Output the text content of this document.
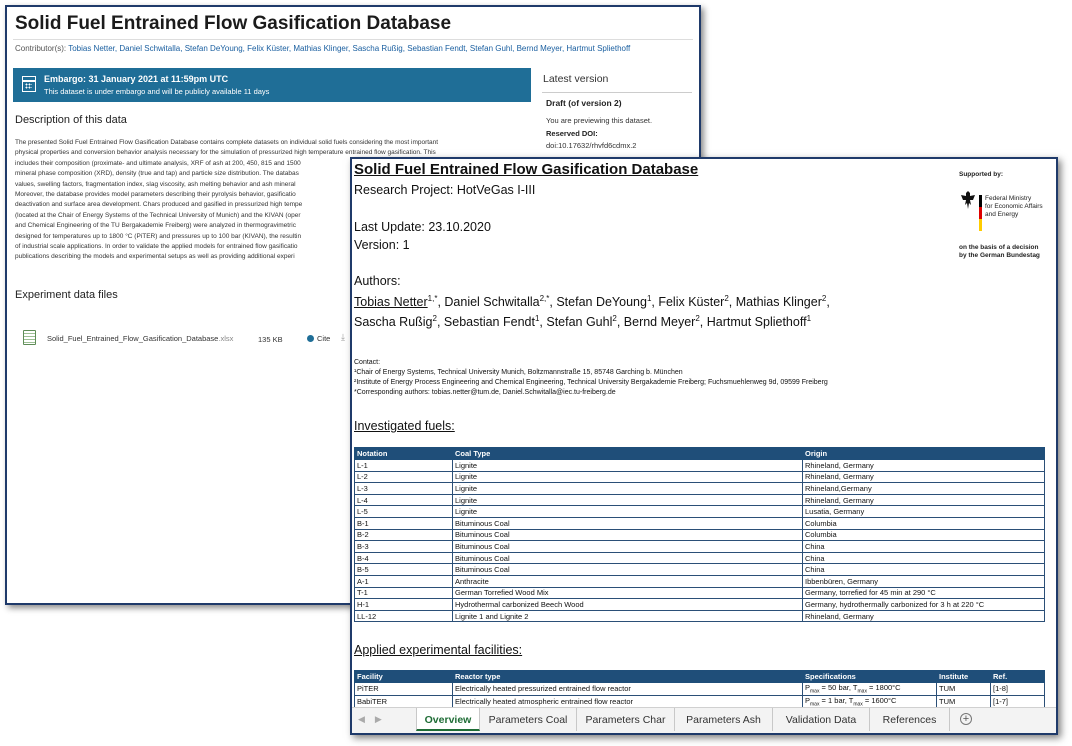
Solid Fuel Entrained Flow Gasification Database
Contributor(s): Tobias Netter, Daniel Schwitalla, Stefan DeYoung, Felix Küster, Mathias Klinger, Sascha Rußig, Sebastian Fendt, Stefan Guhl, Bernd Meyer, Hartmut Spliethoff
Embargo: 31 January 2021 at 11:59pm UTC
This dataset is under embargo and will be publicly available 11 days
Latest version
Draft (of version 2)
You are previewing this dataset.
Reserved DOI:
doi:10.17632/rhvfd6cdmx.2
Description of this data
The presented Solid Fuel Entrained Flow Gasification Database contains complete datasets on individual solid fuels considering the most important
physical properties and conversion behavior analysis necessary for the simulation of pressurized high temperature entrained flow gasification. This
includes their composition (proximate- and ultimate analysis, XRF of ash at 200, 450, 815 and 1500
mineral phase composition (XRD), density (true and tap) and particle size distribution. The databas
values, swelling factors, fragmentation index, slag viscosity, ash melting behavior and ash mineral
Moreover, the database provides model parameters describing their pyrolysis behavior, gasificatio
deactivation and surface area development. Chars produced and gasified in pressurized high tempe
(located at the Chair of Energy Systems of the Technical University of Munich) and the KIVAN (oper
and Chemical Engineering of the TU Bergakademie Freiberg) were analyzed in thermogravimetric
designed for temperatures up to 1800 °C (PiTER) and pressures up to 100 bar (KIVAN), the resultin
of industrial scale applications. In order to validate the applied models for entrained flow gasificatio
publications describing the models and experimental setups as well as providing additional experi
Experiment data files
Solid_Fuel_Entrained_Flow_Gasification_Database.xlsx	135 KB	Cite ⤓
Solid Fuel Entrained Flow Gasification Database
Research Project: HotVeGas I-III
Last Update: 23.10.2020
Version: 1
Authors:
Tobias Netter$^{1,*}$, Daniel Schwitalla$^{2,*}$, Stefan DeYoung$^1$, Felix Küster$^2$, Mathias Klinger$^2$,
Sascha Rußig$^2$, Sebastian Fendt$^1$, Stefan Guhl$^2$, Bernd Meyer$^2$, Hartmut Spliethoff$^1$
Supported by:
Federal Ministry
for Economic Affairs
and Energy
on the basis of a decision
by the German Bundestag
Contact:
¹Chair of Energy Systems, Technical University Munich, Boltzmannstraße 15, 85748 Garching b. München
²Institute of Energy Process Engineering and Chemical Engineering, Technical University Bergakademie Freiberg; Fuchsmuehlenweg 9d, 09599 Freiberg
*Corresponding authors: tobias.netter@tum.de, Daniel.Schwitalla@iec.tu-freiberg.de
Investigated fuels:
Notation	Coal Type	Origin
L-1	Lignite	Rhineland, Germany
L-2	Lignite	Rhineland, Germany
L-3	Lignite	Rhineland,Germany
L-4	Lignite	Rhineland, Germany
L-5	Lignite	Lusatia, Germany
B-1	Bituminous Coal	Columbia
B-2	Bituminous Coal	Columbia
B-3	Bituminous Coal	China
B-4	Bituminous Coal	China
B-5	Bituminous Coal	China
A-1	Anthracite	Ibbenbüren, Germany
T-1	German Torrefied Wood Mix	Germany, torrefied for 45 min at 290 °C
H-1	Hydrothermal carbonized Beech Wood	Germany, hydrothermally carbonized for 3 h at 220 °C
LL-12	Lignite 1 and Lignite 2	Rhineland, Germany
Applied experimental facilities:
Facility	Reactor type	Specifications	Institute	Ref.
PiTER	Electrically heated pressurized entrained flow reactor	$P_{max} = 50$ bar, $T_{max} = 1800^\circ C$	TUM	[1-8]
BabiTER	Electrically heated atmospheric entrained flow reactor	$P_{max} = 1$ bar, $T_{max} = 1600^\circ C$	TUM	[1-7]
◀▶	Overview	Parameters Coal	Parameters Char	Parameters Ash	Validation Data	References	+
